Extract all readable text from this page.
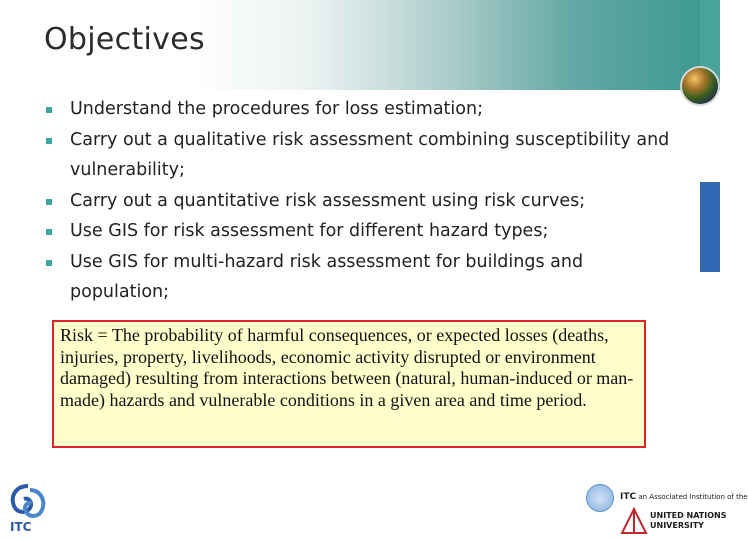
Objectives
Understand the procedures for loss estimation;
Carry out a qualitative risk assessment combining susceptibility and vulnerability;
Carry out a quantitative risk assessment using risk curves;
Use GIS for risk assessment for different hazard types;
Use GIS for multi-hazard risk assessment for buildings and population;
Risk = The probability of harmful consequences, or expected losses (deaths, injuries, property, livelihoods, economic activity disrupted or environment damaged) resulting from interactions between (natural, human-induced or man-made) hazards and vulnerable conditions in a given area and time period.
ITC
ITC an Associated Institution of the
UNITED NATIONS
UNIVERSITY
